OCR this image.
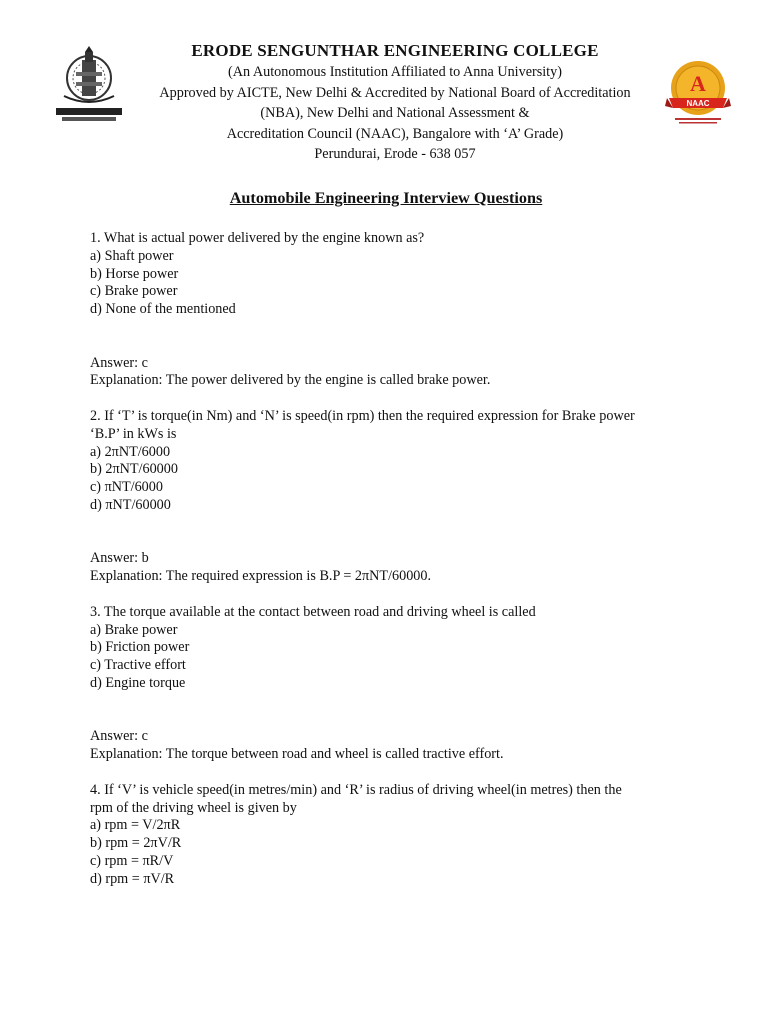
ERODE SENGUNTHAR ENGINEERING COLLEGE

(An Autonomous Institution Affiliated to Anna University)

Approved by AICTE, New Delhi & Accredited by National Board of Accreditation

(NBA), New Delhi and National Assessment &

Accreditation Council (NAAC), Bangalore with ‘A’ Grade)

Perundurai, Erode - 638 057

A
NAAC
Automobile Engineering Interview Questions
1. What is actual power delivered by the engine known as?
a) Shaft power
b) Horse power
c) Brake power
d) None of the mentioned
Answer: c
Explanation: The power delivered by the engine is called brake power.
2. If ‘T’ is torque(in Nm) and ‘N’ is speed(in rpm) then the required expression for Brake power
‘B.P’ in kWs is
a) 2πNT/6000
b) 2πNT/60000
c) πNT/6000
d) πNT/60000
Answer: b
Explanation: The required expression is B.P = 2πNT/60000.
3. The torque available at the contact between road and driving wheel is called
a) Brake power
b) Friction power
c) Tractive effort
d) Engine torque
Answer: c
Explanation: The torque between road and wheel is called tractive effort.
4. If ‘V’ is vehicle speed(in metres/min) and ‘R’ is radius of driving wheel(in metres) then the
rpm of the driving wheel is given by
a) rpm = V/2πR
b) rpm = 2πV/R
c) rpm = πR/V
d) rpm = πV/R
